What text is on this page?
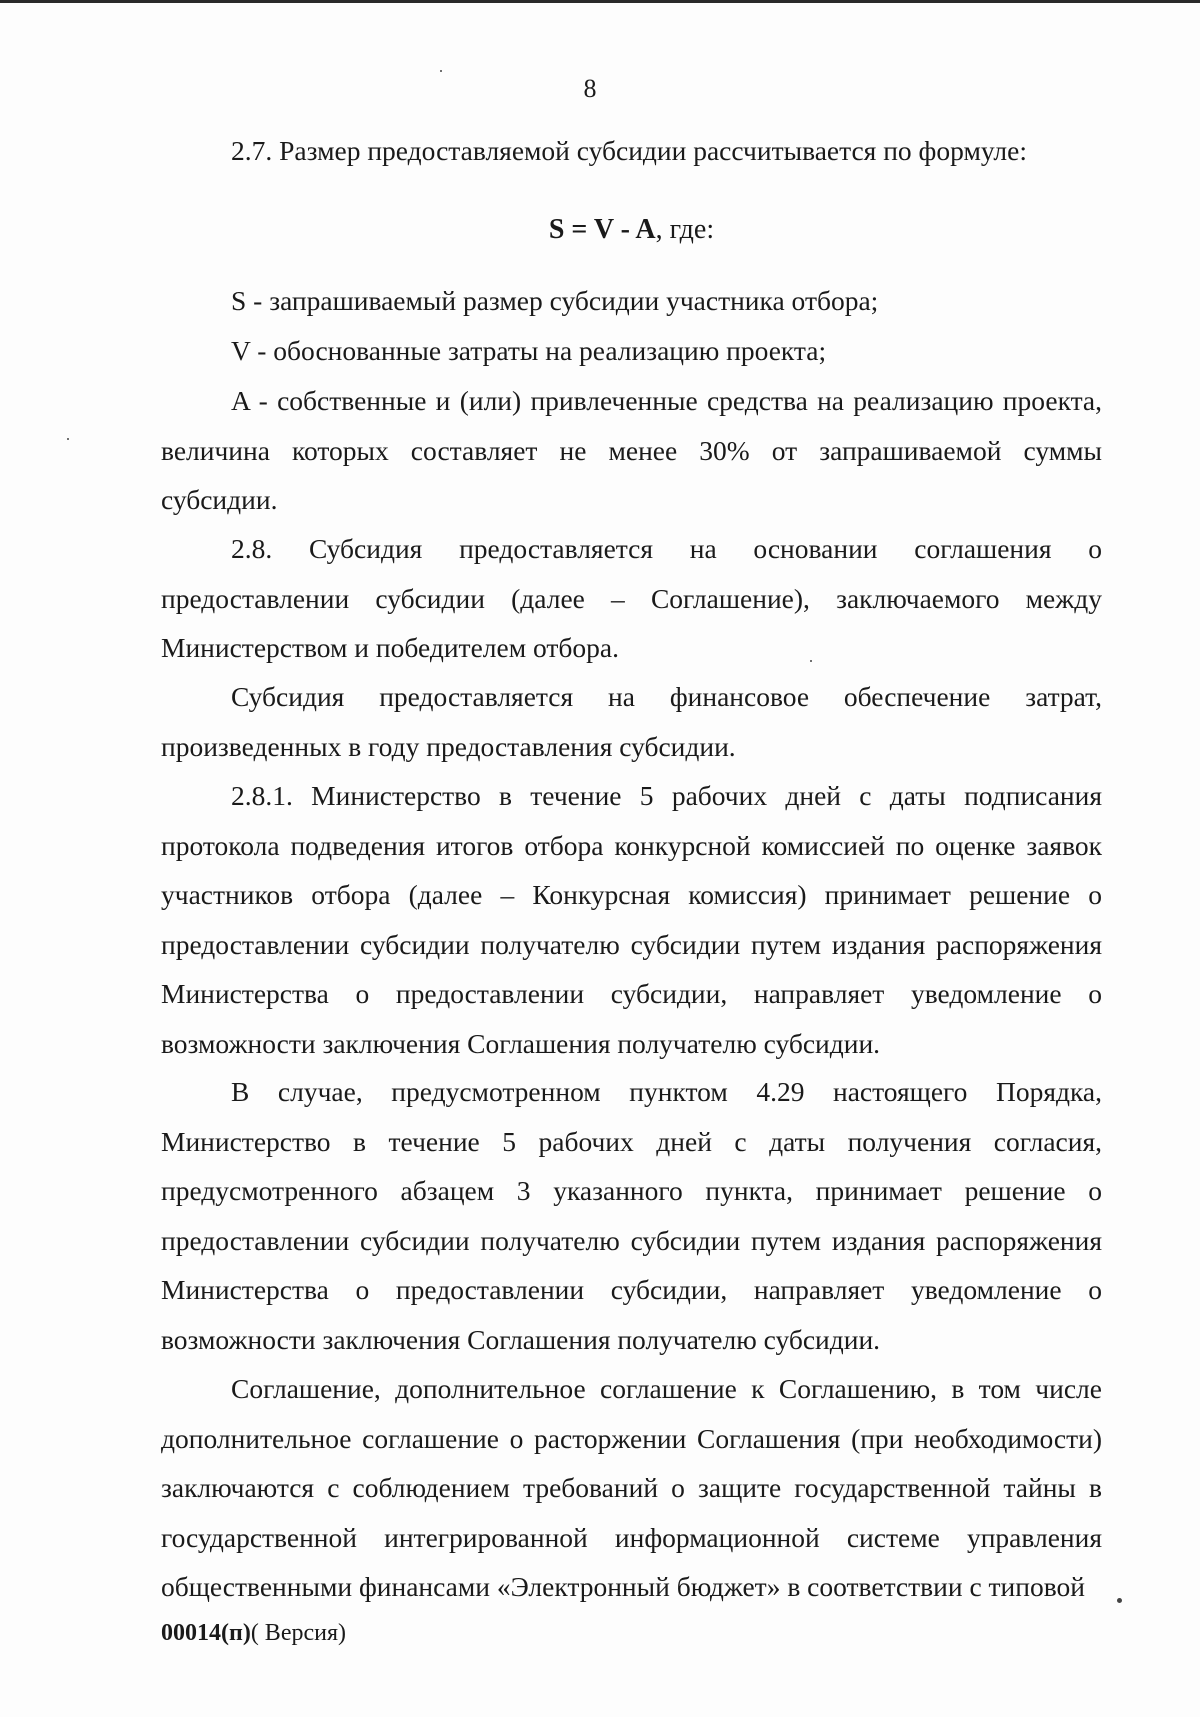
8

2.7. Размер предоставляемой субсидии рассчитывается по формуле:

S = V - A, где:

S - запрашиваемый размер субсидии участника отбора;

V - обоснованные затраты на реализацию проекта;

A - собственные и (или) привлеченные средства на реализацию проекта, величина которых составляет не менее 30% от запрашиваемой суммы субсидии.

2.8. Субсидия предоставляется на основании соглашения о предоставлении субсидии (далее – Соглашение), заключаемого между Министерством и победителем отбора.

Субсидия предоставляется на финансовое обеспечение затрат, произведенных в году предоставления субсидии.

2.8.1. Министерство в течение 5 рабочих дней с даты подписания протокола подведения итогов отбора конкурсной комиссией по оценке заявок участников отбора (далее – Конкурсная комиссия) принимает решение о предоставлении субсидии получателю субсидии путем издания распоряжения Министерства о предоставлении субсидии, направляет уведомление о возможности заключения Соглашения получателю субсидии.

В случае, предусмотренном пунктом 4.29 настоящего Порядка, Министерство в течение 5 рабочих дней с даты получения согласия, предусмотренного абзацем 3 указанного пункта, принимает решение о предоставлении субсидии получателю субсидии путем издания распоряжения Министерства о предоставлении субсидии, направляет уведомление о возможности заключения Соглашения получателю субсидии.

Соглашение, дополнительное соглашение к Соглашению, в том числе дополнительное соглашение о расторжении Соглашения (при необходимости) заключаются с соблюдением требований о защите государственной тайны в государственной интегрированной информационной системе управления общественными финансами «Электронный бюджет» в соответствии с типовой

00014(п)( Версия)
